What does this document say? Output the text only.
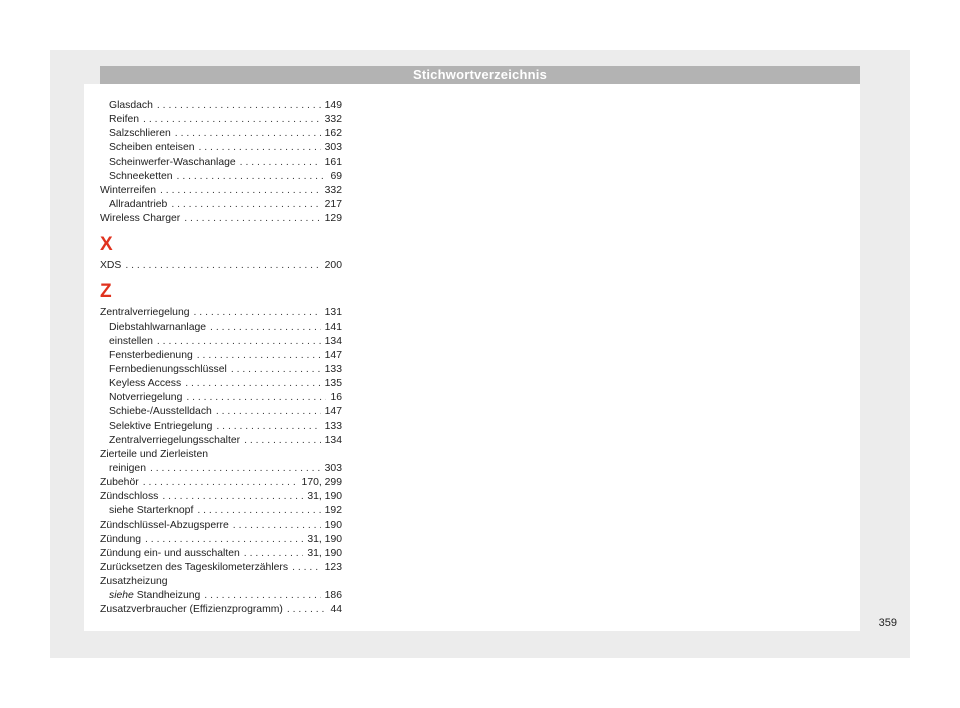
Stichwortverzeichnis
Glasdach . . .	149
Reifen . . .	332
Salzschlieren . . .	162
Scheiben enteisen . . .	303
Scheinwerfer-Waschanlage . . .	161
Schneeketten . . .	69
Winterreifen . . .	332
Allradantrieb . . .	217
Wireless Charger . . .	129
X
XDS . . .	200
Z
Zentralverriegelung . . .	131
Diebstahlwarnanlage . . .	141
einstellen . . .	134
Fensterbedienung . . .	147
Fernbedienungsschlüssel . . .	133
Keyless Access . . .	135
Notverriegelung . . .	16
Schiebe-/Ausstelldach . . .	147
Selektive Entriegelung . . .	133
Zentralverriegelungsschalter . . .	134
Zierteile und Zierleisten
reinigen . . .	303
Zubehör . . .	170, 299
Zündschloss . . .	31, 190
siehe Starterknopf . . .	192
Zündschlüssel-Abzugsperre . . .	190
Zündung . . .	31, 190
Zündung ein- und ausschalten . . .	31, 190
Zurücksetzen des Tageskilometerzählers . . .	123
Zusatzheizung
siehe Standheizung . . .	186
Zusatzverbraucher (Effizienzprogramm) . . .	44
359
